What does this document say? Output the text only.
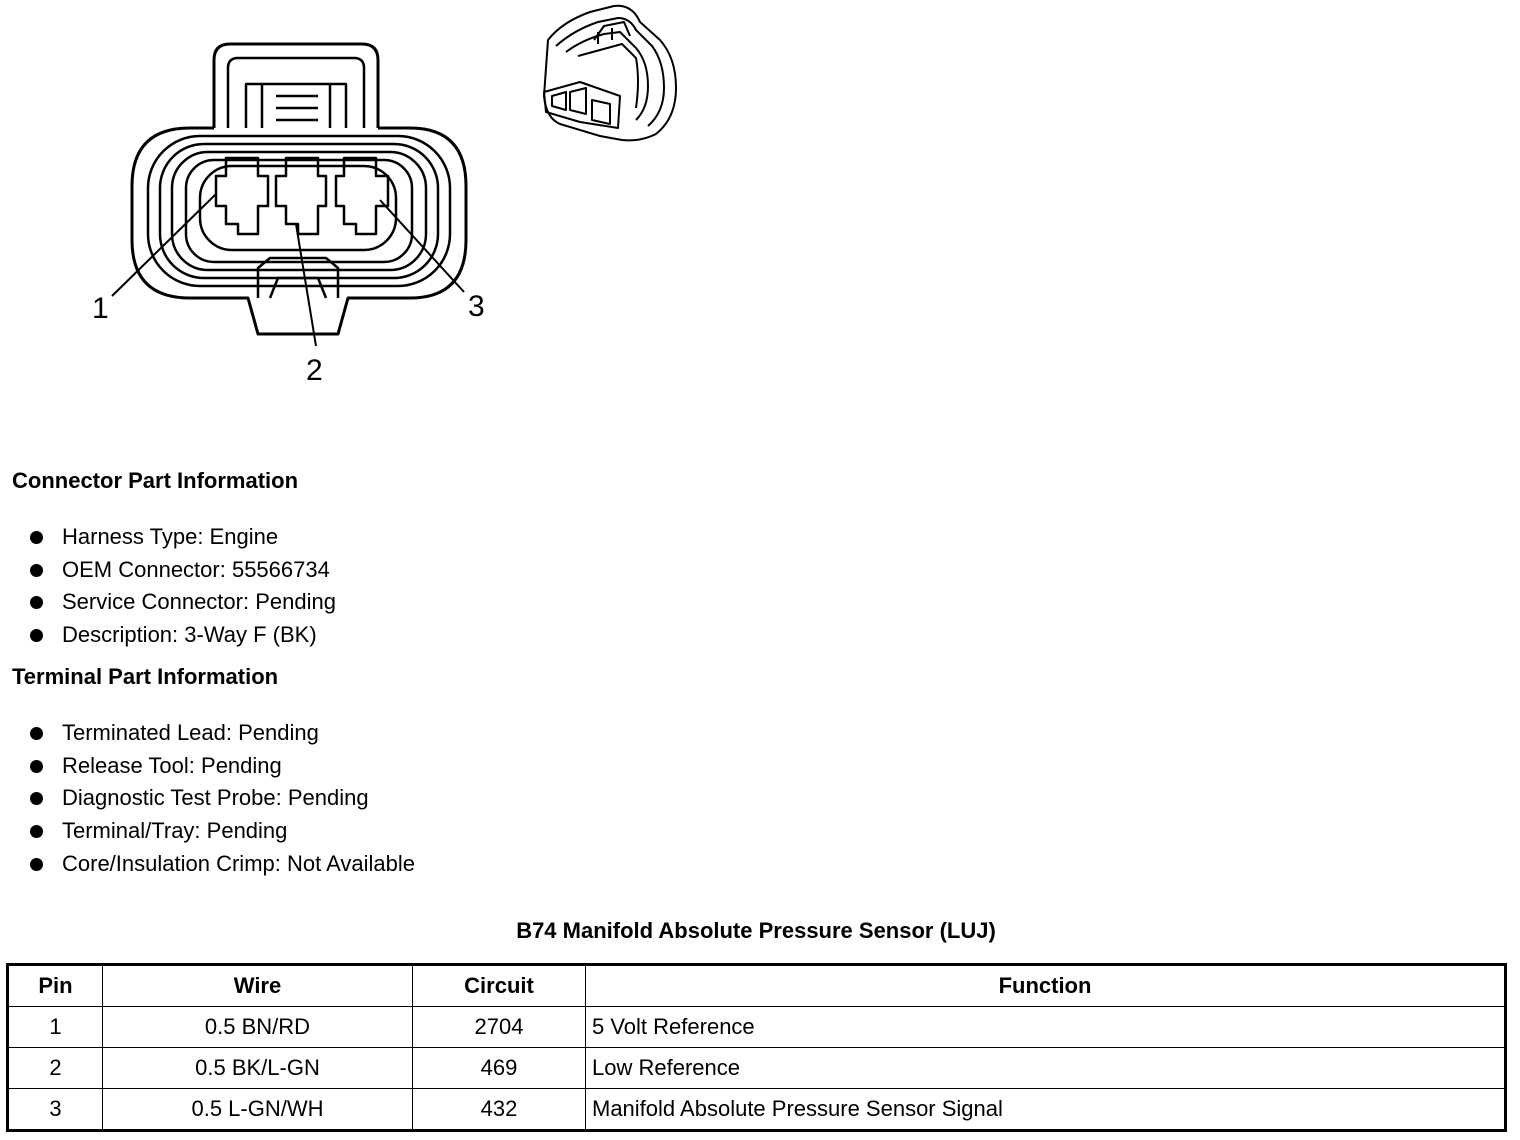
1
2
3
Connector Part Information
Harness Type: Engine
OEM Connector: 55566734
Service Connector: Pending
Description: 3-Way F (BK)
Terminal Part Information
Terminated Lead: Pending
Release Tool: Pending
Diagnostic Test Probe: Pending
Terminal/Tray: Pending
Core/Insulation Crimp: Not Available
B74 Manifold Absolute Pressure Sensor (LUJ)
Pin	Wire	Circuit	Function
1	0.5 BN/RD	2704	5 Volt Reference
2	0.5 BK/L-GN	469	Low Reference
3	0.5 L-GN/WH	432	Manifold Absolute Pressure Sensor Signal
